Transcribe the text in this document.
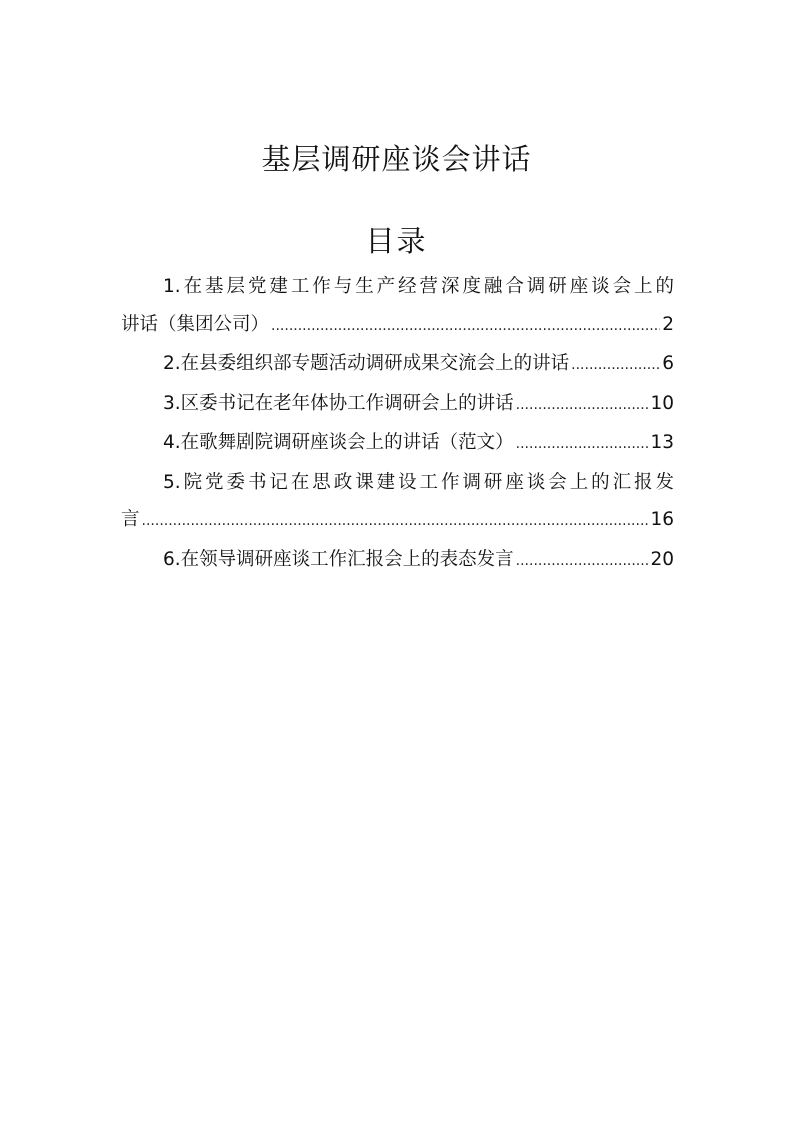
基层调研座谈会讲话
目录
1.在基层党建工作与生产经营深度融合调研座谈会上的
讲话（集团公司） .....	2
2.在县委组织部专题活动调研成果交流会上的讲话 .....	6
3.区委书记在老年体协工作调研会上的讲话 .....	10
4.在歌舞剧院调研座谈会上的讲话（范文） .....	13
5.院党委书记在思政课建设工作调研座谈会上的汇报发
言 .....	16
6.在领导调研座谈工作汇报会上的表态发言 .....	20
